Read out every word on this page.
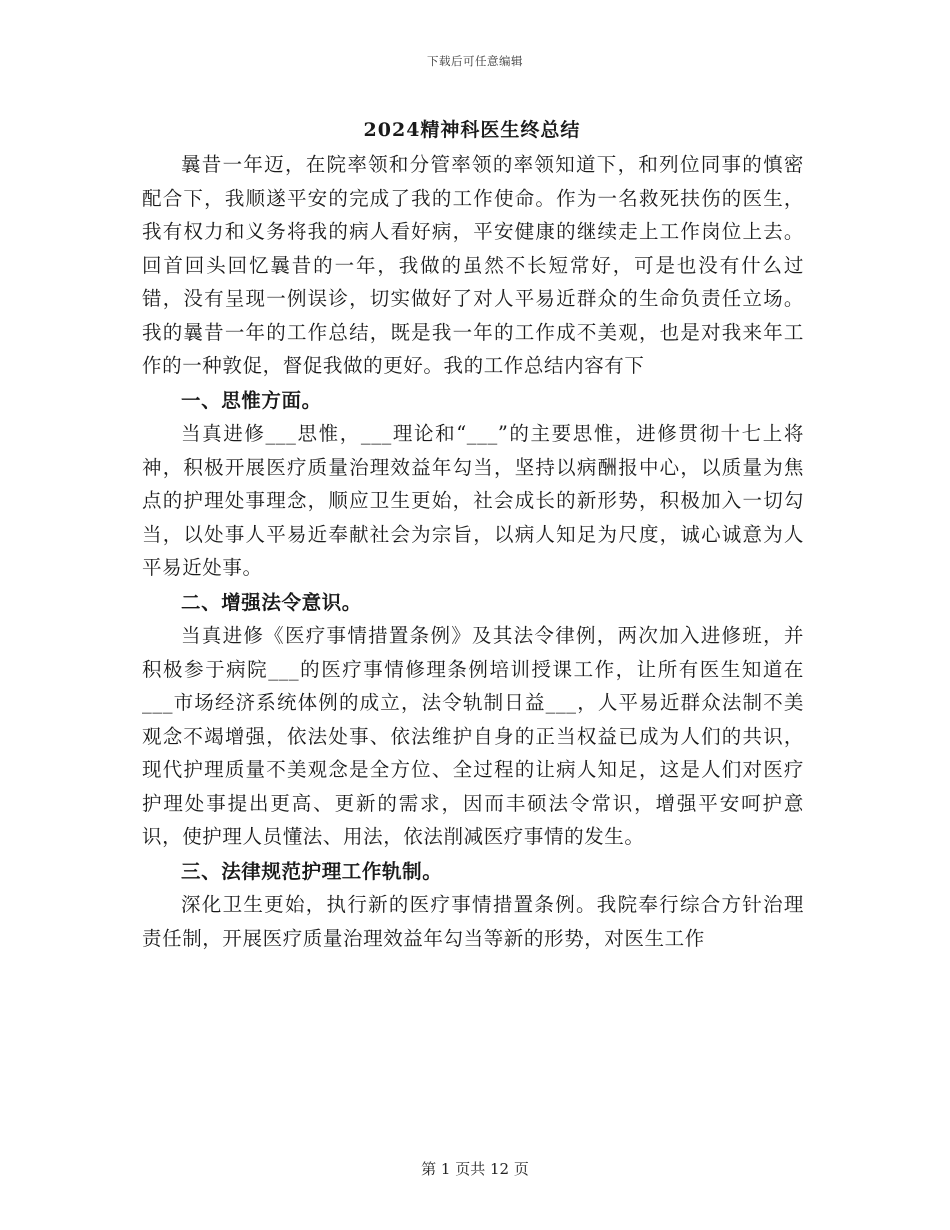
下载后可任意编辑
2024精神科医生终总结

曩昔一年迈，在院率领和分管率领的率领知道下，和列位同事的慎密配合下，我顺遂平安的完成了我的工作使命。作为一名救死扶伤的医生，我有权力和义务将我的病人看好病，平安健康的继续走上工作岗位上去。回首回头回忆曩昔的一年，我做的虽然不长短常好，可是也没有什么过错，没有呈现一例误诊，切实做好了对人平易近群众的生命负责任立场。我的曩昔一年的工作总结，既是我一年的工作成不美观，也是对我来年工作的一种敦促，督促我做的更好。我的工作总结内容有下

一、思惟方面。

当真进修___思惟，___理论和“___”的主要思惟，进修贯彻十七上将神，积极开展医疗质量治理效益年勾当，坚持以病酬报中心，以质量为焦点的护理处事理念，顺应卫生更始，社会成长的新形势，积极加入一切勾当，以处事人平易近奉献社会为宗旨，以病人知足为尺度，诚心诚意为人平易近处事。

二、增强法令意识。

当真进修《医疗事情措置条例》及其法令律例，两次加入进修班，并积极参于病院___的医疗事情修理条例培训授课工作，让所有医生知道在___市场经济系统体例的成立，法令轨制日益___，人平易近群众法制不美观念不竭增强，依法处事、依法维护自身的正当权益已成为人们的共识，现代护理质量不美观念是全方位、全过程的让病人知足，这是人们对医疗护理处事提出更高、更新的需求，因而丰硕法令常识，增强平安呵护意识，使护理人员懂法、用法，依法削减医疗事情的发生。

三、法律规范护理工作轨制。

深化卫生更始，执行新的医疗事情措置条例。我院奉行综合方针治理责任制，开展医疗质量治理效益年勾当等新的形势，对医生工作

第 1 页共 12 页
